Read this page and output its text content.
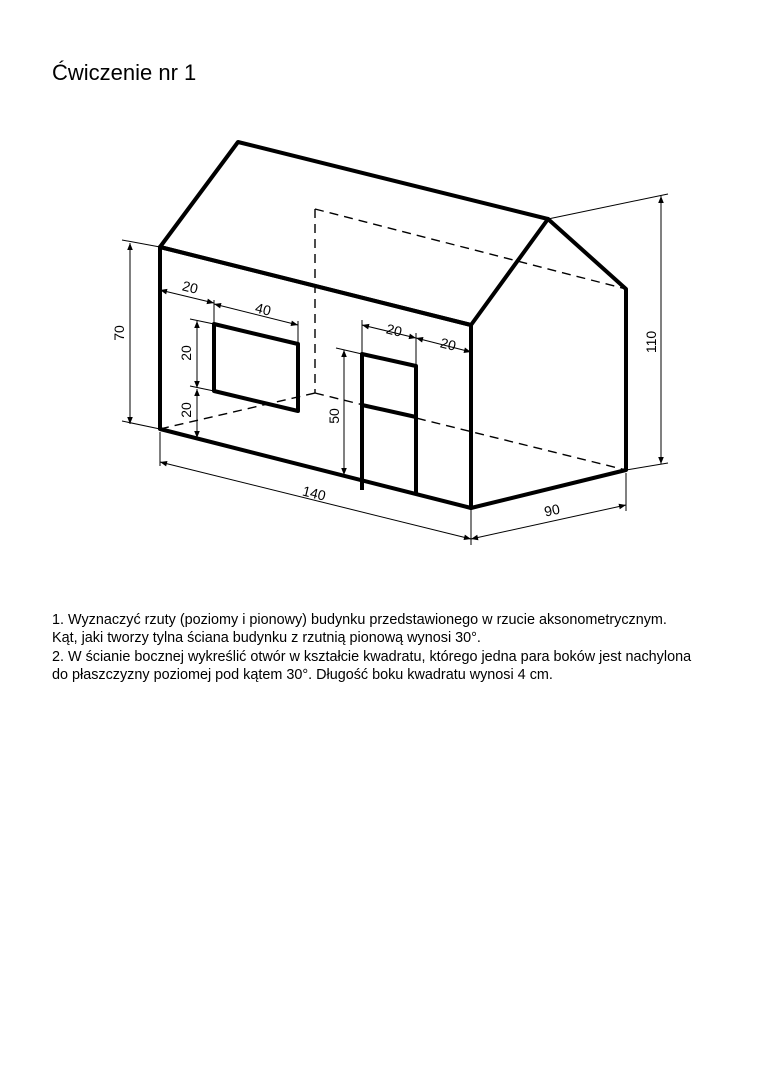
Ćwiczenie nr 1
140
90
70	110
20
40
20
20
20
20
50

1. Wyznaczyć rzuty (poziomy i pionowy) budynku przedstawionego w rzucie aksonometrycznym.

Kąt, jaki tworzy tylna ściana budynku z rzutnią pionową wynosi 30°.

2. W ścianie bocznej wykreślić otwór w kształcie kwadratu, którego jedna para boków jest nachylona

do płaszczyzny poziomej pod kątem 30°. Długość boku kwadratu wynosi 4 cm.
